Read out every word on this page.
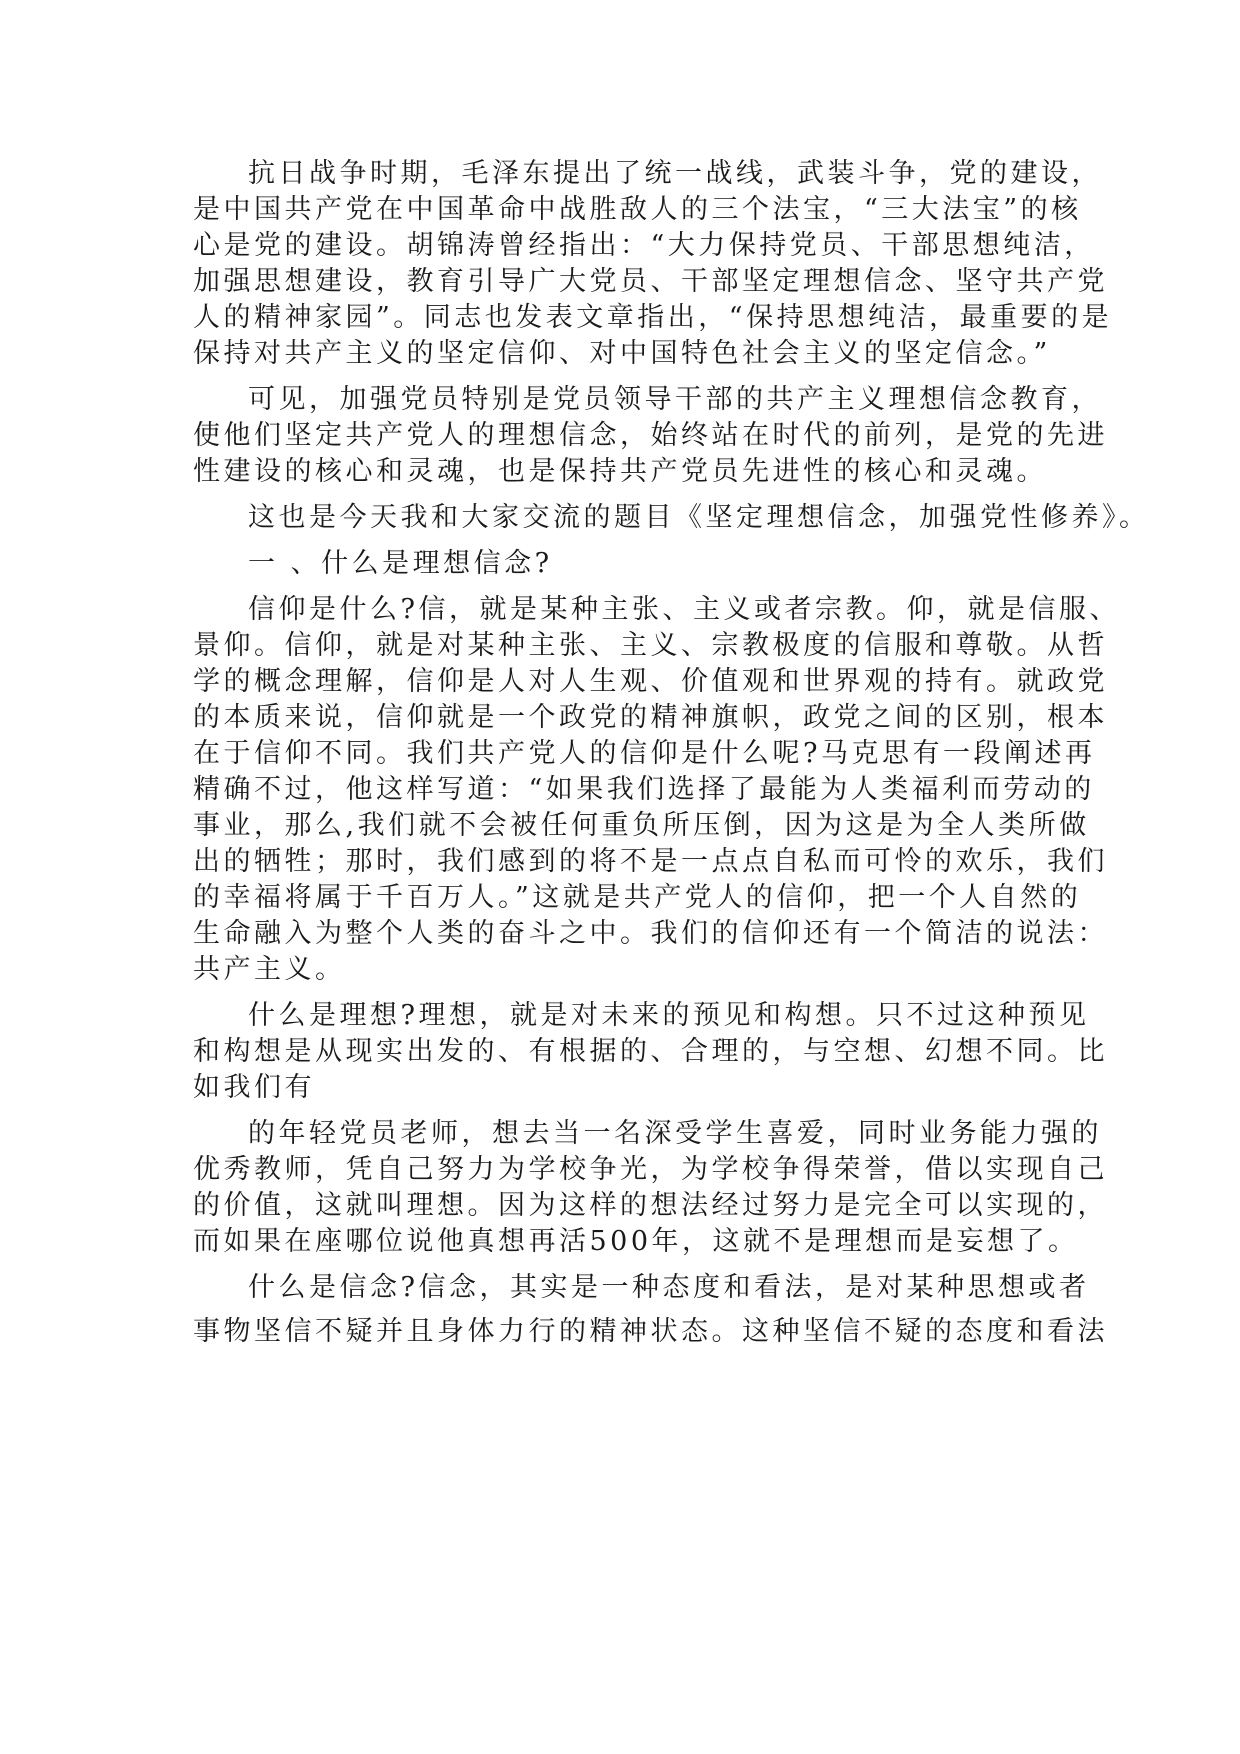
抗日战争时期，毛泽东提出了统一战线，武装斗争，党的建设，
是中国共产党在中国革命中战胜敌人的三个法宝，“三大法宝”的核
心是党的建设。胡锦涛曾经指出：“大力保持党员、干部思想纯洁，
加强思想建设，教育引导广大党员、干部坚定理想信念、坚守共产党
人的精神家园”。同志也发表文章指出，“保持思想纯洁，最重要的是
保持对共产主义的坚定信仰、对中国特色社会主义的坚定信念。”
可见，加强党员特别是党员领导干部的共产主义理想信念教育，
使他们坚定共产党人的理想信念，始终站在时代的前列，是党的先进
性建设的核心和灵魂，也是保持共产党员先进性的核心和灵魂。
这也是今天我和大家交流的题目《坚定理想信念，加强党性修养》。
一 、什么是理想信念?
信仰是什么?信，就是某种主张、主义或者宗教。仰，就是信服、
景仰。信仰，就是对某种主张、主义、宗教极度的信服和尊敬。从哲
学的概念理解，信仰是人对人生观、价值观和世界观的持有。就政党
的本质来说，信仰就是一个政党的精神旗帜，政党之间的区别，根本
在于信仰不同。我们共产党人的信仰是什么呢?马克思有一段阐述再
精确不过，他这样写道：“如果我们选择了最能为人类福利而劳动的
事业，那么,我们就不会被任何重负所压倒，因为这是为全人类所做
出的牺牲；那时，我们感到的将不是一点点自私而可怜的欢乐，我们
的幸福将属于千百万人。”这就是共产党人的信仰，把一个人自然的
生命融入为整个人类的奋斗之中。我们的信仰还有一个简洁的说法：
共产主义。
什么是理想?理想，就是对未来的预见和构想。只不过这种预见
和构想是从现实出发的、有根据的、合理的，与空想、幻想不同。比
如我们有
的年轻党员老师，想去当一名深受学生喜爱，同时业务能力强的
优秀教师，凭自己努力为学校争光，为学校争得荣誉，借以实现自己
的价值，这就叫理想。因为这样的想法经过努力是完全可以实现的，
而如果在座哪位说他真想再活500年，这就不是理想而是妄想了。
什么是信念?信念，其实是一种态度和看法，是对某种思想或者
事物坚信不疑并且身体力行的精神状态。这种坚信不疑的态度和看法
